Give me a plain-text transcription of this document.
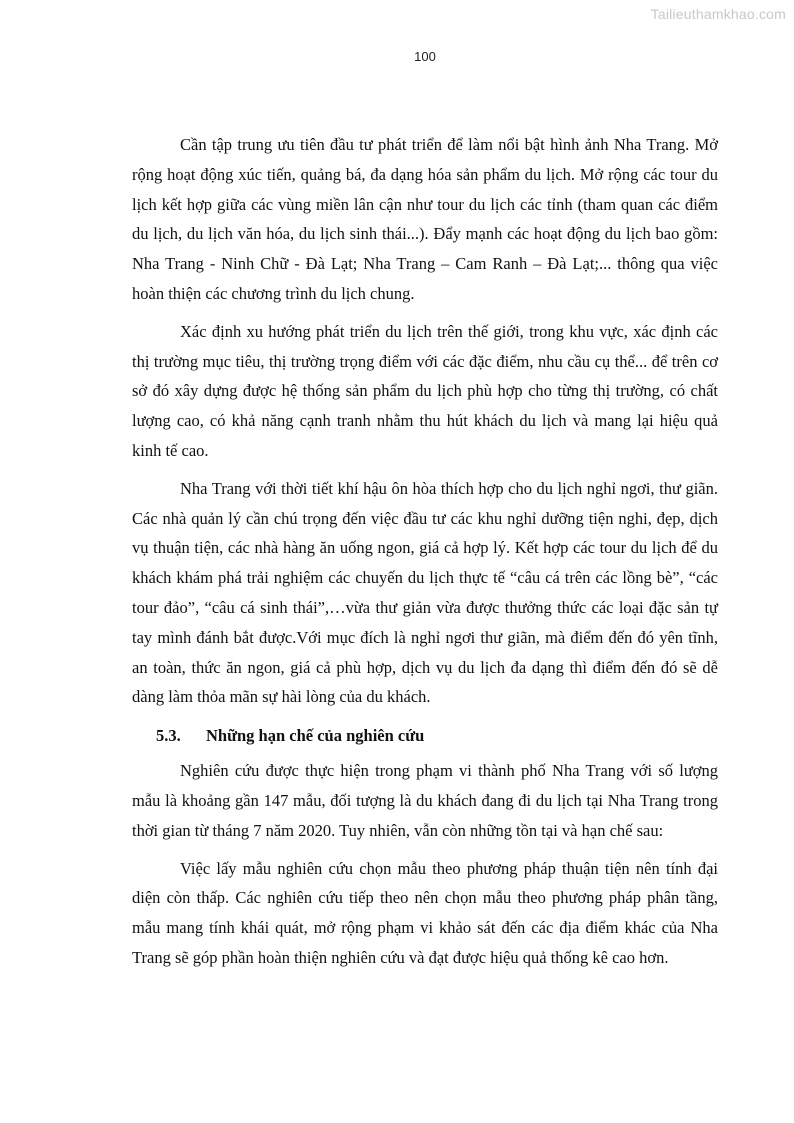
Tailieuthamkhao.com
100

Cần tập trung ưu tiên đầu tư phát triển để làm nổi bật hình ảnh Nha Trang. Mở rộng hoạt động xúc tiến, quảng bá, đa dạng hóa sản phẩm du lịch. Mở rộng các tour du lịch kết hợp giữa các vùng miền lân cận như tour du lịch các tỉnh (tham quan các điểm du lịch, du lịch văn hóa, du lịch sinh thái...). Đẩy mạnh các hoạt động du lịch bao gồm: Nha Trang - Ninh Chữ - Đà Lạt; Nha Trang – Cam Ranh – Đà Lạt;... thông qua việc hoàn thiện các chương trình du lịch chung.

Xác định xu hướng phát triển du lịch trên thế giới, trong khu vực, xác định các thị trường mục tiêu, thị trường trọng điểm với các đặc điểm, nhu cầu cụ thể... để trên cơ sở đó xây dựng được hệ thống sản phẩm du lịch phù hợp cho từng thị trường, có chất lượng cao, có khả năng cạnh tranh nhằm thu hút khách du lịch và mang lại hiệu quả kinh tế cao.

Nha Trang với thời tiết khí hậu ôn hòa thích hợp cho du lịch nghỉ ngơi, thư giãn. Các nhà quản lý cần chú trọng đến việc đầu tư các khu nghỉ dưỡng tiện nghi, đẹp, dịch vụ thuận tiện, các nhà hàng ăn uống ngon, giá cả hợp lý. Kết hợp các tour du lịch để du khách khám phá trải nghiệm các chuyến du lịch thực tế “câu cá trên các lồng bè”, “các tour đảo”, “câu cá sinh thái”,…vừa thư giản vừa được thưởng thức các loại đặc sản tự tay mình đánh bắt được.Với mục đích là nghỉ ngơi thư giãn, mà điểm đến đó yên tĩnh, an toàn, thức ăn ngon, giá cả phù hợp, dịch vụ du lịch đa dạng thì điểm đến đó sẽ dễ dàng làm thỏa mãn sự hài lòng của du khách.

5.3. Những hạn chế của nghiên cứu

Nghiên cứu được thực hiện trong phạm vi thành phố Nha Trang với số lượng mẫu là khoảng gần 147 mẫu, đối tượng là du khách đang đi du lịch tại Nha Trang trong thời gian từ tháng 7 năm 2020. Tuy nhiên, vẫn còn những tồn tại và hạn chế sau:

Việc lấy mẫu nghiên cứu chọn mẫu theo phương pháp thuận tiện nên tính đại diện còn thấp. Các nghiên cứu tiếp theo nên chọn mẫu theo phương pháp phân tầng, mẫu mang tính khái quát, mở rộng phạm vi khảo sát đến các địa điểm khác của Nha Trang sẽ góp phần hoàn thiện nghiên cứu và đạt được hiệu quả thống kê cao hơn.
